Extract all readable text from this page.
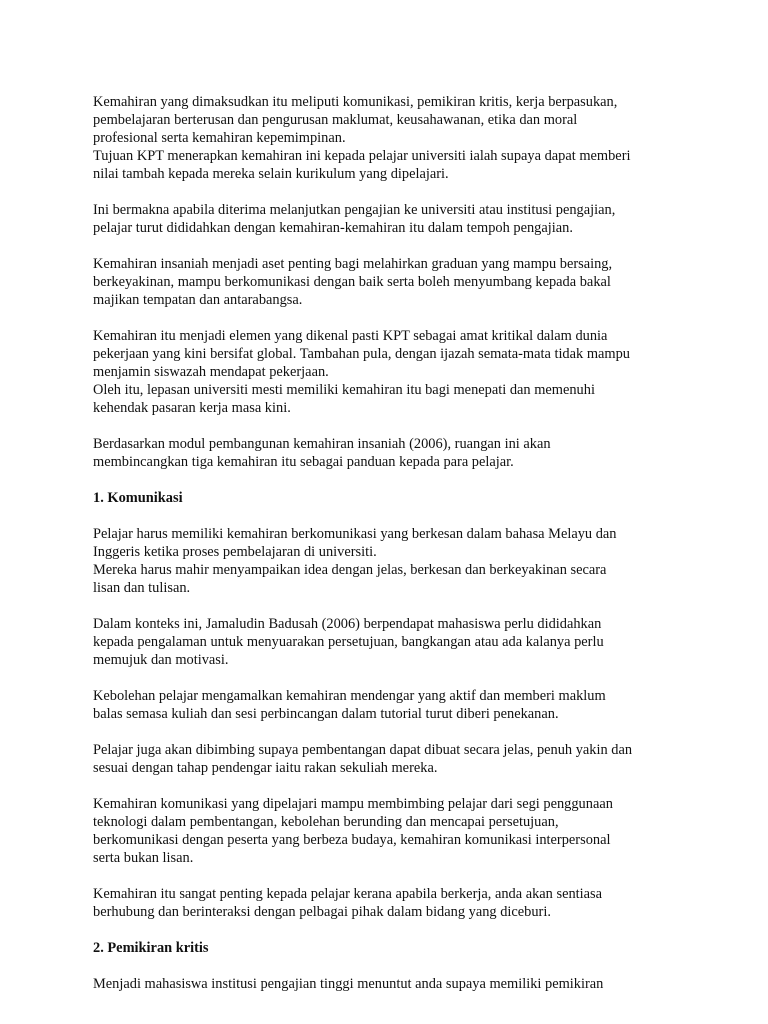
Kemahiran yang dimaksudkan itu meliputi komunikasi, pemikiran kritis, kerja berpasukan,
pembelajaran berterusan dan pengurusan maklumat, keusahawanan, etika dan moral
profesional serta kemahiran kepemimpinan.
Tujuan KPT menerapkan kemahiran ini kepada pelajar universiti ialah supaya dapat memberi
nilai tambah kepada mereka selain kurikulum yang dipelajari.
Ini bermakna apabila diterima melanjutkan pengajian ke universiti atau institusi pengajian,
pelajar turut dididahkan dengan kemahiran-kemahiran itu dalam tempoh pengajian.
Kemahiran insaniah menjadi aset penting bagi melahirkan graduan yang mampu bersaing,
berkeyakinan, mampu berkomunikasi dengan baik serta boleh menyumbang kepada bakal
majikan tempatan dan antarabangsa.
Kemahiran itu menjadi elemen yang dikenal pasti KPT sebagai amat kritikal dalam dunia
pekerjaan yang kini bersifat global. Tambahan pula, dengan ijazah semata-mata tidak mampu
menjamin siswazah mendapat pekerjaan.
Oleh itu, lepasan universiti mesti memiliki kemahiran itu bagi menepati dan memenuhi
kehendak pasaran kerja masa kini.
Berdasarkan modul pembangunan kemahiran insaniah (2006), ruangan ini akan
membincangkan tiga kemahiran itu sebagai panduan kepada para pelajar.
1. Komunikasi
Pelajar harus memiliki kemahiran berkomunikasi yang berkesan dalam bahasa Melayu dan
Inggeris ketika proses pembelajaran di universiti.
Mereka harus mahir menyampaikan idea dengan jelas, berkesan dan berkeyakinan secara
lisan dan tulisan.
Dalam konteks ini, Jamaludin Badusah (2006) berpendapat mahasiswa perlu dididahkan
kepada pengalaman untuk menyuarakan persetujuan, bangkangan atau ada kalanya perlu
memujuk dan motivasi.
Kebolehan pelajar mengamalkan kemahiran mendengar yang aktif dan memberi maklum
balas semasa kuliah dan sesi perbincangan dalam tutorial turut diberi penekanan.
Pelajar juga akan dibimbing supaya pembentangan dapat dibuat secara jelas, penuh yakin dan
sesuai dengan tahap pendengar iaitu rakan sekuliah mereka.
Kemahiran komunikasi yang dipelajari mampu membimbing pelajar dari segi penggunaan
teknologi dalam pembentangan, kebolehan berunding dan mencapai persetujuan,
berkomunikasi dengan peserta yang berbeza budaya, kemahiran komunikasi interpersonal
serta bukan lisan.
Kemahiran itu sangat penting kepada pelajar kerana apabila berkerja, anda akan sentiasa
berhubung dan berinteraksi dengan pelbagai pihak dalam bidang yang diceburi.
2. Pemikiran kritis
Menjadi mahasiswa institusi pengajian tinggi menuntut anda supaya memiliki pemikiran
